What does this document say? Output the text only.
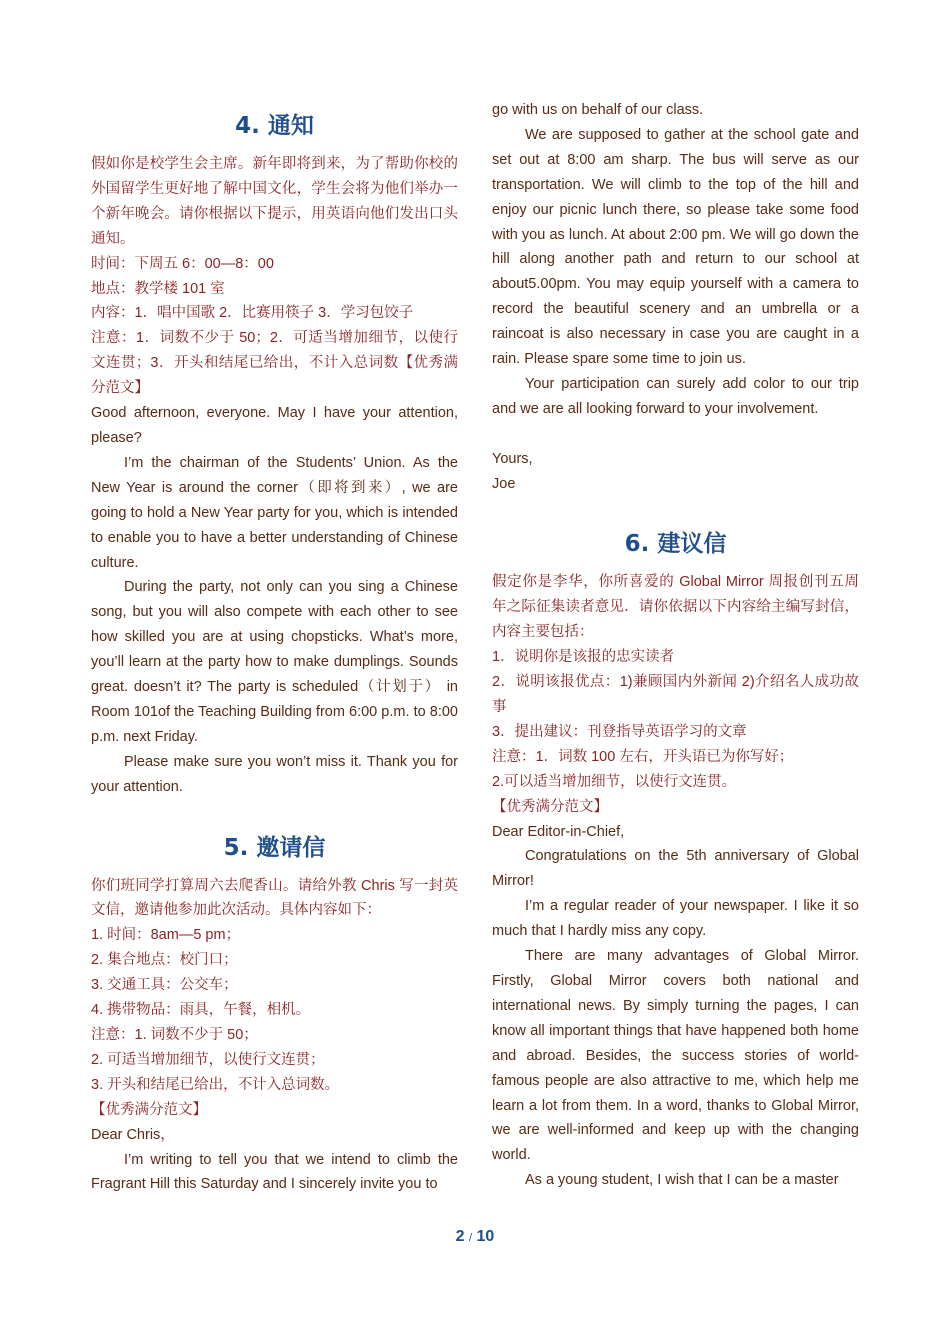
4. 通知

假如你是校学生会主席。新年即将到来，为了帮助你校的外国留学生更好地了解中国文化，学生会将为他们举办一个新年晚会。请你根据以下提示，用英语向他们发出口头通知。

时间：下周五 6：00—8：00

地点：教学楼 101 室

内容：1．唱中国歌 2．比赛用筷子 3．学习包饺子

注意：1．词数不少于 50；2．可适当增加细节，以使行文连贯；3．开头和结尾已给出，不计入总词数【优秀满分范文】

Good afternoon, everyone. May I have your attention, please?

I’m the chairman of the Students’ Union. As the New Year is around the corner（即将到来）, we are going to hold a New Year party for you, which is intended to enable you to have a better understanding of Chinese culture.

During the party, not only can you sing a Chinese song, but you will also compete with each other to see how skilled you are at using chopsticks. What’s more, you’ll learn at the party how to make dumplings. Sounds great. doesn’t it? The party is scheduled（计划于） in Room 101of the Teaching Building from 6:00 p.m. to 8:00 p.m. next Friday.

Please make sure you won’t miss it. Thank you for your attention.

5. 邀请信

你们班同学打算周六去爬香山。请给外教 Chris 写一封英文信，邀请他参加此次活动。具体内容如下：

1. 时间：8am—5 pm；

2. 集合地点：校门口；

3. 交通工具：公交车；

4. 携带物品：雨具，午餐，相机。

注意：1. 词数不少于 50；

2. 可适当增加细节，以使行文连贯；

3. 开头和结尾已给出，不计入总词数。

【优秀满分范文】

Dear Chris，

I’m writing to tell you that we intend to climb the Fragrant Hill this Saturday and I sincerely invite you to

go with us on behalf of our class.

We are supposed to gather at the school gate and set out at 8:00 am sharp. The bus will serve as our transportation. We will climb to the top of the hill and enjoy our picnic lunch there, so please take some food with you as lunch. At about 2:00 pm. We will go down the hill along another path and return to our school at about5.00pm. You may equip yourself with a camera to record the beautiful scenery and an umbrella or a raincoat is also necessary in case you are caught in a rain. Please spare some time to join us.

Your participation can surely add color to our trip and we are all looking forward to your involvement.

Yours,

Joe

6. 建议信

假定你是李华，你所喜爱的 Global Mirror 周报创刊五周年之际征集读者意见．请你依据以下内容给主编写封信，内容主要包括：

1．说明你是该报的忠实读者

2．说明该报优点：1)兼顾国内外新闻 2)介绍名人成功故事

3．提出建议：刊登指导英语学习的文章

注意：1．词数 100 左右，开头语已为你写好；

2.可以适当增加细节，以使行文连贯。

【优秀满分范文】

Dear Editor-in-Chief,

Congratulations on the 5th anniversary of Global Mirror!

I’m a regular reader of your newspaper. I like it so much that I hardly miss any copy.

There are many advantages of Global Mirror. Firstly, Global Mirror covers both national and international news. By simply turning the pages, I can know all important things that have happened both home and abroad. Besides, the success stories of world-famous people are also attractive to me, which help me learn a lot from them. In a word, thanks to Global Mirror, we are well-informed and keep up with the changing world.

As a young student, I wish that I can be a master

2 / 10
